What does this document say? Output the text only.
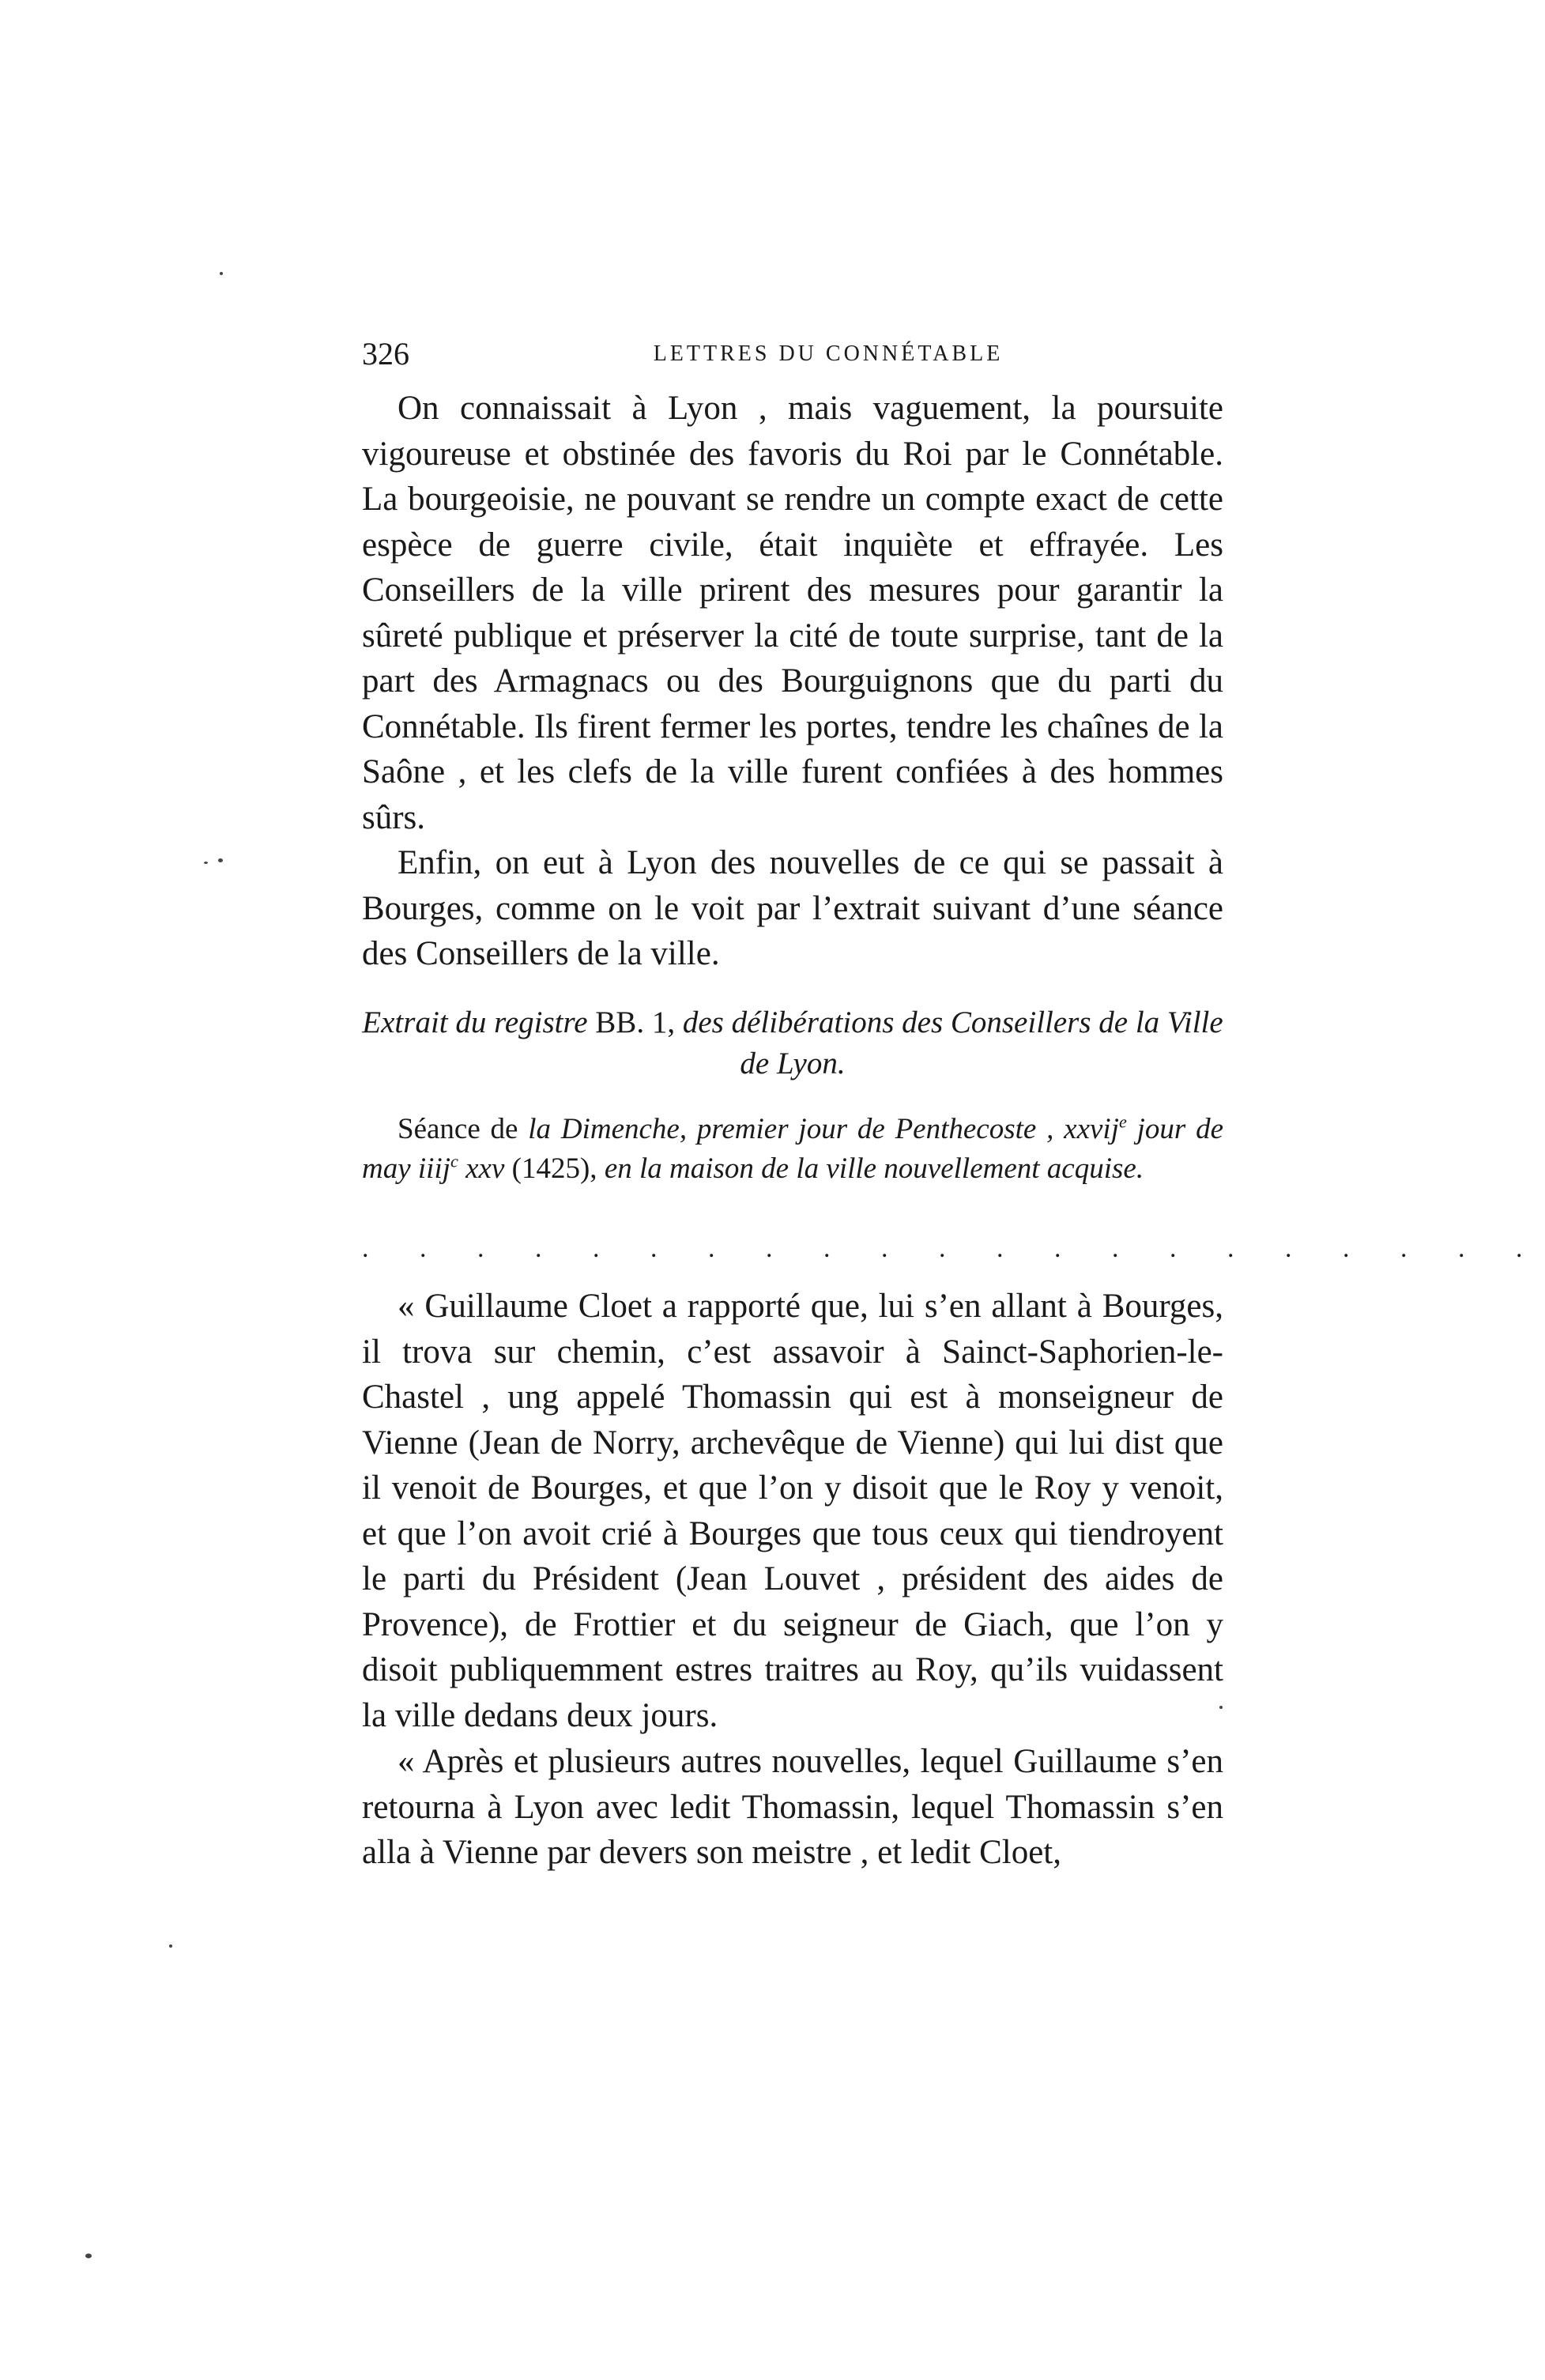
326	LETTRES DU CONNÉTABLE

On connaissait à Lyon , mais vaguement, la poursuite vigoureuse et obstinée des favoris du Roi par le Connétable. La bourgeoisie, ne pouvant se rendre un compte exact de cette espèce de guerre civile, était inquiète et effrayée. Les Conseillers de la ville prirent des mesures pour garantir la sûreté publique et préserver la cité de toute surprise, tant de la part des Armagnacs ou des Bourguignons que du parti du Connétable. Ils firent fermer les portes, tendre les chaînes de la Saône , et les clefs de la ville furent confiées à des hommes sûrs.

Enfin, on eut à Lyon des nouvelles de ce qui se passait à Bourges, comme on le voit par l’extrait suivant d’une séance des Conseillers de la ville.

Extrait du registre BB. 1, des délibérations des Conseillers de la Ville de Lyon.
Séance de la Dimenche, premier jour de Penthecoste , xxvij$^e$ jour de may iiij$^c$ xxv (1425), en la maison de la ville nouvellement acquise.
. . . . . . . . . . . . . . . . . . . . .

« Guillaume Cloet a rapporté que, lui s’en allant à Bourges, il trova sur chemin, c’est assavoir à Sainct-Saphorien-le-Chastel , ung appelé Thomassin qui est à monseigneur de Vienne (Jean de Norry, archevêque de Vienne) qui lui dist que il venoit de Bourges, et que l’on y disoit que le Roy y venoit, et que l’on avoit crié à Bourges que tous ceux qui tiendroyent le parti du Président (Jean Louvet , président des aides de Provence), de Frottier et du seigneur de Giach, que l’on y disoit publiquemment estres traitres au Roy, qu’ils vuidassent la ville dedans deux jours.

« Après et plusieurs autres nouvelles, lequel Guillaume s’en retourna à Lyon avec ledit Thomassin, lequel Thomassin s’en alla à Vienne par devers son meistre , et ledit Cloet,
